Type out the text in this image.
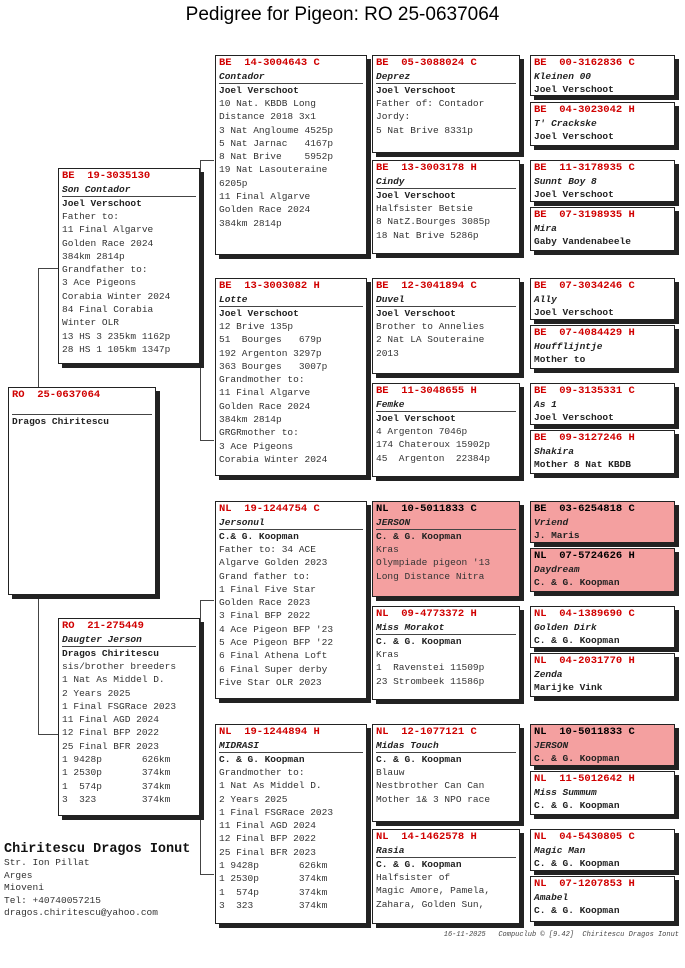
Pedigree for Pigeon: RO 25-0637064
RO  25-0637064
Dragos Chiritescu
BE  19-3035130
Son Contador
Joel Verschoot
Father to:
11 Final Algarve
Golden Race 2024
384km 2814p
Grandfather to:
3 Ace Pigeons
Corabia Winter 2024
84 Final Corabia
Winter OLR
13 HS 3 235km 1162p
28 HS 1 105km 1347p
RO  21-275449
Daugter Jerson
Dragos Chiritescu
sis/brother breeders
1 Nat As Middel D.
2 Years 2025
1 Final FSGRace 2023
11 Final AGD 2024
12 Final BFP 2022
25 Final BFR 2023
1 9428p       626km
1 2530p       374km
1  574p       374km
3  323        374km
BE  14-3004643 C
Contador
Joel Verschoot
10 Nat. KBDB Long
Distance 2018 3x1
3 Nat Angloume 4525p
5 Nat Jarnac   4167p
8 Nat Brive    5952p
19 Nat Lasouteraine
6205p
11 Final Algarve
Golden Race 2024
384km 2814p
BE  13-3003082 H
Lotte
Joel Verschoot
12 Brive 135p
51  Bourges   679p
192 Argenton 3297p
363 Bourges   3007p
Grandmother to:
11 Final Algarve
Golden Race 2024
384km 2814p
GRGRmother to:
3 Ace Pigeons
Corabia Winter 2024
NL  19-1244754 C
Jersonul
C.& G. Koopman
Father to: 34 ACE
Algarve Golden 2023
Grand father to:
1 Final Five Star
Golden Race 2023
3 Final BFP 2022
4 Ace Pigeon BFP '23
5 Ace Pigeon BFP '22
6 Final Athena Loft
6 Final Super derby
Five Star OLR 2023
NL  19-1244894 H
MIDRASI
C. & G. Koopman
Grandmother to:
1 Nat As Middel D.
2 Years 2025
1 Final FSGRace 2023
11 Final AGD 2024
12 Final BFP 2022
25 Final BFR 2023
1 9428p       626km
1 2530p       374km
1  574p       374km
3  323        374km
BE  05-3088024 C
Deprez
Joel Verschoot
Father of: Contador
Jordy:
5 Nat Brive 8331p
BE  13-3003178 H
Cindy
Joel Verschoot
Halfsister Betsie
8 NatZ.Bourges 3085p
18 Nat Brive 5286p
BE  12-3041894 C
Duvel
Joel Verschoot
Brother to Annelies
2 Nat LA Souteraine
2013
BE  11-3048655 H
Femke
Joel Verschoot
4 Argenton 7046p
174 Chateroux 15902p
45  Argenton  22384p
NL  10-5011833 C
JERSON
C. & G. Koopman
Kras
Olympiade pigeon '13
Long Distance Nitra
NL  09-4773372 H
Miss Morakot
C. & G. Koopman
Kras
1  Ravenstei 11509p
23 Strombeek 11586p
NL  12-1077121 C
Midas Touch
C. & G. Koopman
Blauw
Nestbrother Can Can
Mother 1& 3 NPO race
NL  14-1462578 H
Rasia
C. & G. Koopman
Halfsister of
Magic Amore, Pamela,
Zahara, Golden Sun,
BE  00-3162836 C
Kleinen 00
Joel Verschoot
BE  04-3023042 H
T' Crackske
Joel Verschoot
BE  11-3178935 C
Sunnt Boy 8
Joel Verschoot
BE  07-3198935 H
Mira
Gaby Vandenabeele
BE  07-3034246 C
Ally
Joel Verschoot
BE  07-4084429 H
Houfflijntje
Mother to
BE  09-3135331 C
As 1
Joel Verschoot
BE  09-3127246 H
Shakira
Mother 8 Nat KBDB
BE  03-6254818 C
Vriend
J. Maris
NL  07-5724626 H
Daydream
C. & G. Koopman
NL  04-1389690 C
Golden Dirk
C. & G. Koopman
NL  04-2031770 H
Zenda
Marijke Vink
NL  10-5011833 C
JERSON
C. & G. Koopman
NL  11-5012642 H
Miss Summum
C. & G. Koopman
NL  04-5430805 C
Magic Man
C. & G. Koopman
NL  07-1207853 H
Amabel
C. & G. Koopman
Chiritescu Dragos Ionut
Str. Ion Pillat
Arges
Mioveni
Tel: +40740057215
dragos.chiritescu@yahoo.com
16-11-2025   Compuclub © [9.42]  Chiritescu Dragos Ionut
